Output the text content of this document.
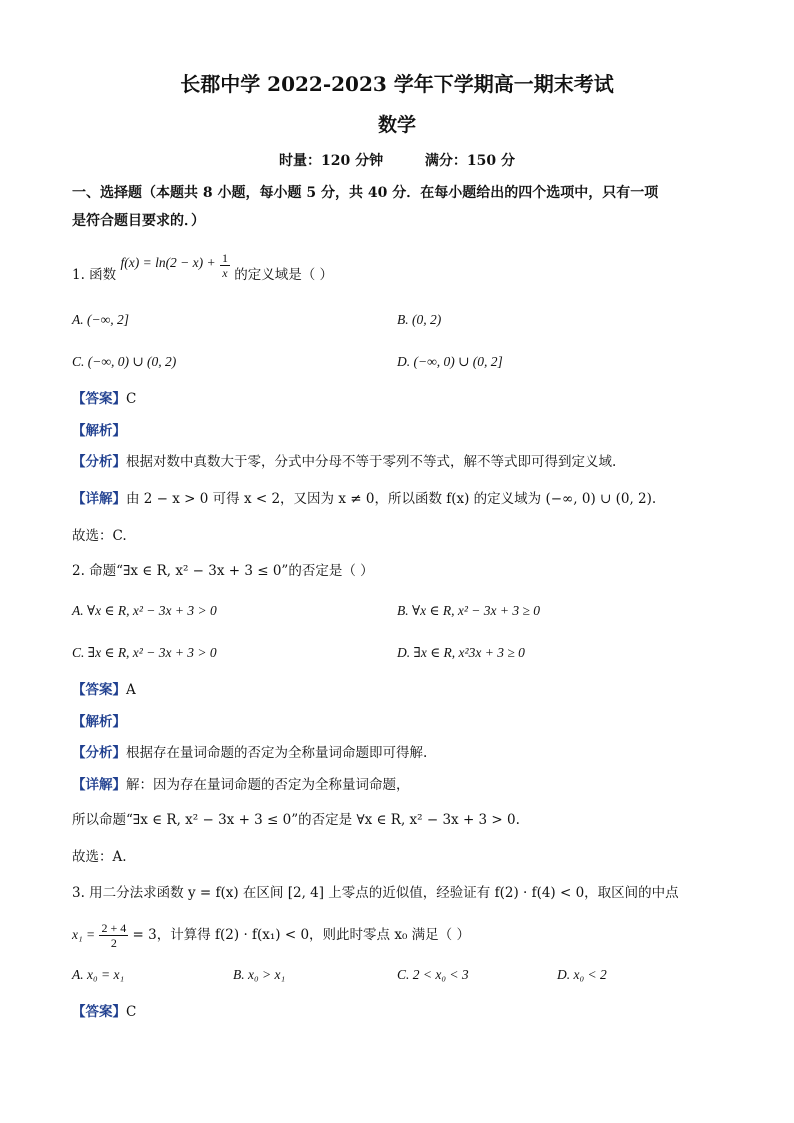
长郡中学 2022-2023 学年下学期高一期末考试
数学
时量：120 分钟	满分：150 分
一、选择题（本题共 8 小题，每小题 5 分，共 40 分．在每小题给出的四个选项中，只有一项
是符合题目要求的．）
1. 函数 $f(x) = \ln(2 - x) + \frac{1}{x}$ 的定义域是（ ）
A. (−∞, 2]	B. (0, 2)
C. (−∞, 0) ∪ (0, 2)	D. (−∞, 0) ∪ (0, 2]
【答案】C
【解析】
【分析】根据对数中真数大于零，分式中分母不等于零列不等式，解不等式即可得到定义域.
【详解】由 2 − x > 0 可得 x < 2，又因为 x ≠ 0，所以函数 f(x) 的定义域为 (−∞, 0) ∪ (0, 2).
故选：C.
2. 命题“∃x ∈ R, x² − 3x + 3 ≤ 0”的否定是（ ）
A. ∀x ∈ R, x² − 3x + 3 > 0	B. ∀x ∈ R, x² − 3x + 3 ≥ 0
C. ∃x ∈ R, x² − 3x + 3 > 0	D. ∃x ∈ R, x²3x + 3 ≥ 0
【答案】A
【解析】
【分析】根据存在量词命题的否定为全称量词命题即可得解.
【详解】解：因为存在量词命题的否定为全称量词命题，
所以命题“∃x ∈ R, x² − 3x + 3 ≤ 0”的否定是 ∀x ∈ R, x² − 3x + 3 > 0.
故选：A.
3. 用二分法求函数 y = f(x) 在区间 [2, 4] 上零点的近似值，经验证有 f(2) · f(4) < 0，取区间的中点
$x_1 = \frac{2 + 4}{2} = 3$，计算得 f(2) · f(x₁) < 0，则此时零点 x₀ 满足（ ）
A. x₀ = x₁	B. x₀ > x₁	C. 2 < x₀ < 3	D. x₀ < 2
【答案】C
